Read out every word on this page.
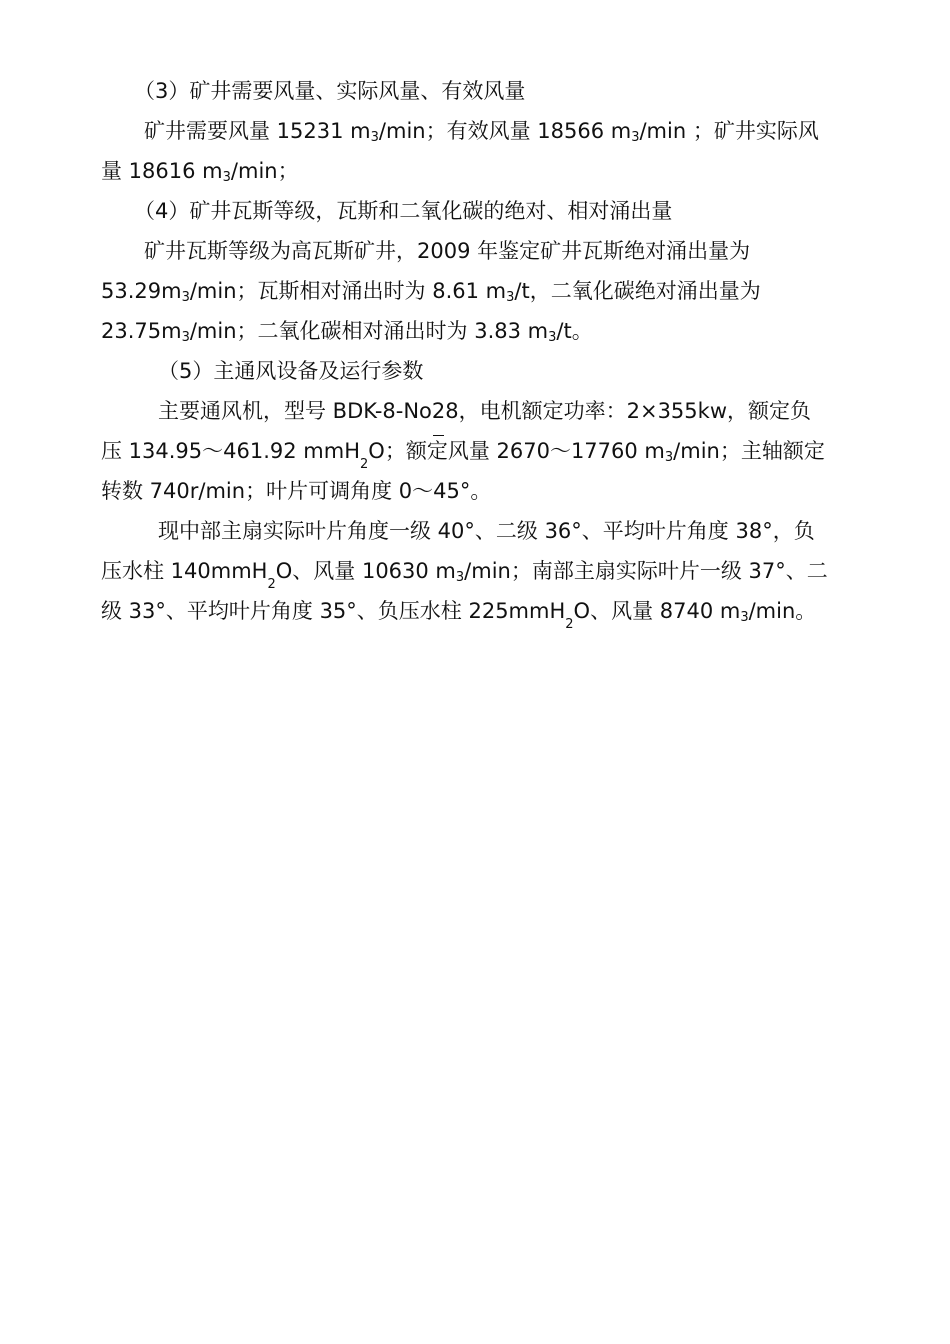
（3）矿井需要风量、实际风量、有效风量
矿井需要风量 15231 m3/min；有效风量 18566 m3/min ；矿井实际风
量 18616 m3/min；
（4）矿井瓦斯等级，瓦斯和二氧化碳的绝对、相对涌出量
矿井瓦斯等级为高瓦斯矿井，2009 年鉴定矿井瓦斯绝对涌出量为
53.29m3/min；瓦斯相对涌出时为 8.61 m3/t，二氧化碳绝对涌出量为
23.75m3/min；二氧化碳相对涌出时为 3.83 m3/t。
（5）主通风设备及运行参数
主要通风机，型号 BDK-8-No28，电机额定功率：2×355kw，额定负
压 134.95～461.92 mmH$_2$O；额定风量 2670～17760 m3/min；主轴额定
转数 740r/min；叶片可调角度 0～45°。
现中部主扇实际叶片角度一级 40°、二级 36°、平均叶片角度 38°，负
压水柱 140mmH$_2$O、风量 10630 m3/min；南部主扇实际叶片一级 37°、二
级 33°、平均叶片角度 35°、负压水柱 225mmH$_2$O、风量 8740 m3/min。
